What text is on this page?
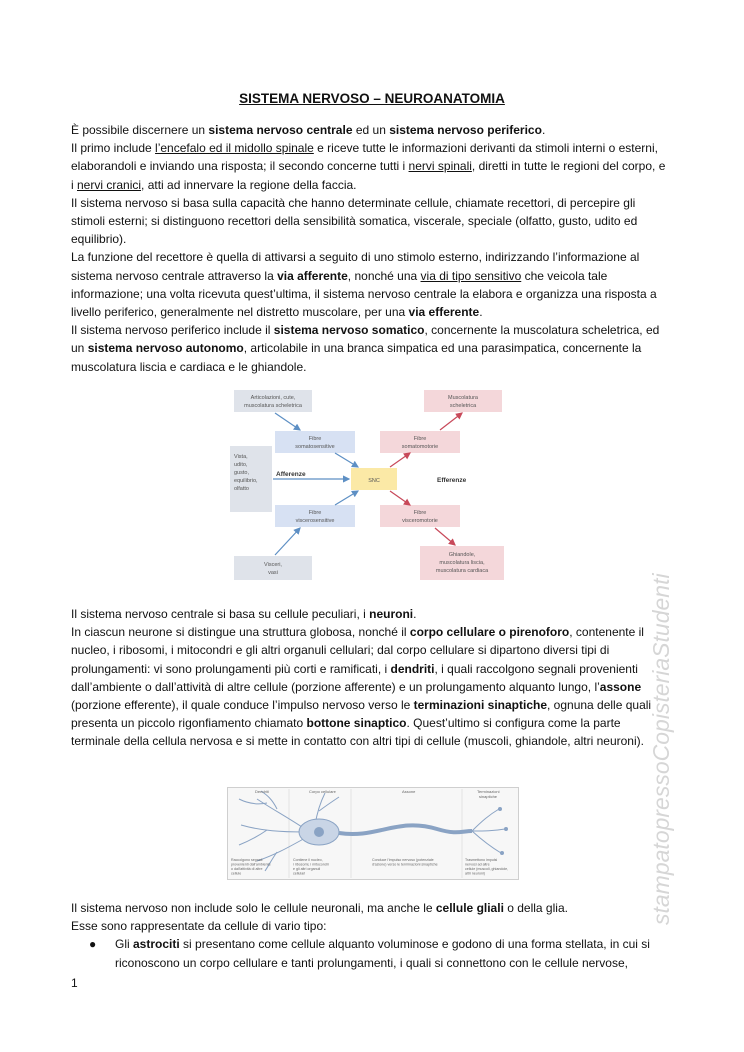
SISTEMA NERVOSO – NEUROANATOMIA

È possibile discernere un sistema nervoso centrale ed un sistema nervoso periferico.

Il primo include l’encefalo ed il midollo spinale e riceve tutte le informazioni derivanti da stimoli interni o esterni, elaborandoli e inviando una risposta; il secondo concerne tutti i nervi spinali, diretti in tutte le regioni del corpo, e i nervi cranici, atti ad innervare la regione della faccia.

Il sistema nervoso si basa sulla capacità che hanno determinate cellule, chiamate recettori, di percepire gli stimoli esterni; si distinguono recettori della sensibilità somatica, viscerale, speciale (olfatto, gusto, udito ed equilibrio).

La funzione del recettore è quella di attivarsi a seguito di uno stimolo esterno, indirizzando l’informazione al sistema nervoso centrale attraverso la via afferente, nonché una via di tipo sensitivo che veicola tale informazione; una volta ricevuta quest’ultima, il sistema nervoso centrale la elabora e organizza una risposta a livello periferico, generalmente nel distretto muscolare, per una via efferente.

Il sistema nervoso periferico include il sistema nervoso somatico, concernente la muscolatura scheletrica, ed un sistema nervoso autonomo, articolabile in una branca simpatica ed una parasimpatica, concernente la muscolatura liscia e cardiaca e le ghiandole.

Articolazioni, cute,
muscolatura scheletrica
Muscolatura
scheletrica
Fibre
somatosensitive
Fibre
somatomotorie
SNC
Fibre
viscerosensitive
Fibre
visceromotorie
Visceri,
vasi
Ghiandole,
muscolatura liscia,
muscolatura cardiaca
Vista,
udito,
gusto,
equilibrio,
olfatto
Afferenze
Efferenze

Il sistema nervoso centrale si basa su cellule peculiari, i neuroni.

In ciascun neurone si distingue una struttura globosa, nonché il corpo cellulare o pirenoforo, contenente il nucleo, i ribosomi, i mitocondri e gli altri organuli cellulari; dal corpo cellulare si dipartono diversi tipi di prolungamenti: vi sono prolungamenti più corti e ramificati, i dendriti, i quali raccolgono segnali provenienti dall’ambiente o dall’attività di altre cellule (porzione afferente) e un prolungamento alquanto lungo, l’assone (porzione efferente), il quale conduce l’impulso nervoso verso le terminazioni sinaptiche, ognuna delle quali presenta un piccolo rigonfiamento chiamato bottone sinaptico. Quest’ultimo si configura come la parte terminale della cellula nervosa e si mette in contatto con altri tipi di cellule (muscoli, ghiandole, altri neuroni).

Dendriti	Corpo cellulare	Assone	Terminazioni
sinaptiche
Raccolgono segnali
provenienti dall'ambiente
o dall'attività di altre
cellule
Contiene il nucleo,
i ribosomi, i mitocondri
e gli altri organuli
cellulari
Conduce l'impulso nervoso (potenziale
d'azione) verso le terminazioni sinaptiche
Trasmettono impulsi
nervosi ad altre
cellule (muscoli, ghiandole,
altri neuroni)

Il sistema nervoso non include solo le cellule neuronali, ma anche le cellule gliali o della glia.

Esse sono rappresentate da cellule di vario tipo:

● Gli astrociti si presentano come cellule alquanto voluminose e godono di una forma stellata, in cui si riconoscono un corpo cellulare e tanti prolungamenti, i quali si connettono con le cellule nervose,

1
stampatopressoCopisteriaStudenti
